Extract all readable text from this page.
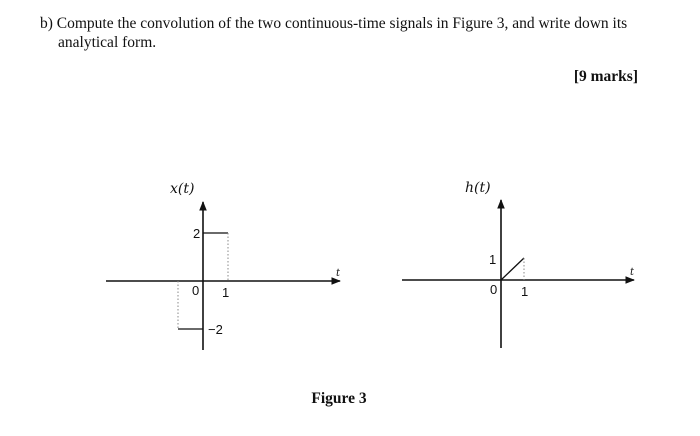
b) Compute the convolution of the two continuous-time signals in Figure 3, and write down its
analytical form.
[9 marks]
x(t)
t
2
0 1
−2
h(t)
t
1
0 1
Figure 3
